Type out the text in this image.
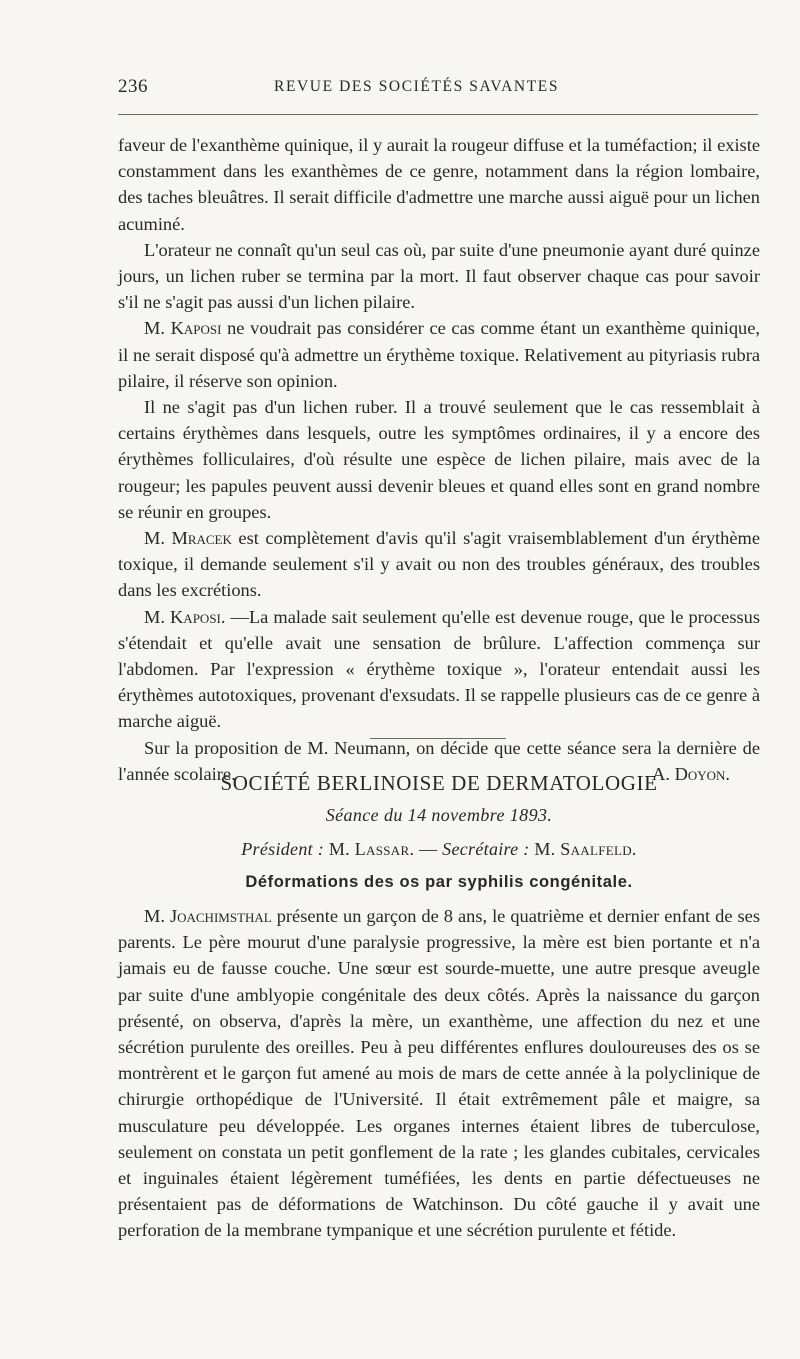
236	REVUE DES SOCIÉTÉS SAVANTES

faveur de l'exanthème quinique, il y aurait la rougeur diffuse et la tuméfaction; il existe constamment dans les exanthèmes de ce genre, notamment dans la région lombaire, des taches bleuâtres. Il serait difficile d'admettre une marche aussi aiguë pour un lichen acuminé.

L'orateur ne connaît qu'un seul cas où, par suite d'une pneumonie ayant duré quinze jours, un lichen ruber se termina par la mort. Il faut observer chaque cas pour savoir s'il ne s'agit pas aussi d'un lichen pilaire.

M. Kaposi ne voudrait pas considérer ce cas comme étant un exanthème quinique, il ne serait disposé qu'à admettre un érythème toxique. Relativement au pityriasis rubra pilaire, il réserve son opinion.

Il ne s'agit pas d'un lichen ruber. Il a trouvé seulement que le cas ressemblait à certains érythèmes dans lesquels, outre les symptômes ordinaires, il y a encore des érythèmes folliculaires, d'où résulte une espèce de lichen pilaire, mais avec de la rougeur; les papules peuvent aussi devenir bleues et quand elles sont en grand nombre se réunir en groupes.

M. Mracek est complètement d'avis qu'il s'agit vraisemblablement d'un érythème toxique, il demande seulement s'il y avait ou non des troubles généraux, des troubles dans les excrétions.

M. Kaposi. —La malade sait seulement qu'elle est devenue rouge, que le processus s'étendait et qu'elle avait une sensation de brûlure. L'affection commença sur l'abdomen. Par l'expression « érythème toxique », l'orateur entendait aussi les érythèmes autotoxiques, provenant d'exsudats. Il se rappelle plusieurs cas de ce genre à marche aiguë.

Sur la proposition de M. Neumann, on décide que cette séance sera la dernière de l'année scolaire.	A. Doyon.

SOCIÉTÉ BERLINOISE DE DERMATOLOGIE
Séance du 14 novembre 1893.
Président : M. Lassar. — Secrétaire : M. Saalfeld.
Déformations des os par syphilis congénitale.

M. Joachimsthal présente un garçon de 8 ans, le quatrième et dernier enfant de ses parents. Le père mourut d'une paralysie progressive, la mère est bien portante et n'a jamais eu de fausse couche. Une sœur est sourde-muette, une autre presque aveugle par suite d'une amblyopie congénitale des deux côtés. Après la naissance du garçon présenté, on observa, d'après la mère, un exanthème, une affection du nez et une sécrétion purulente des oreilles. Peu à peu différentes enflures douloureuses des os se montrèrent et le garçon fut amené au mois de mars de cette année à la polyclinique de chirurgie orthopédique de l'Université. Il était extrêmement pâle et maigre, sa musculature peu développée. Les organes internes étaient libres de tuberculose, seulement on constata un petit gonflement de la rate ; les glandes cubitales, cervicales et inguinales étaient légèrement tuméfiées, les dents en partie défectueuses ne présentaient pas de déformations de Watchinson. Du côté gauche il y avait une perforation de la membrane tympanique et une sécrétion purulente et fétide.
